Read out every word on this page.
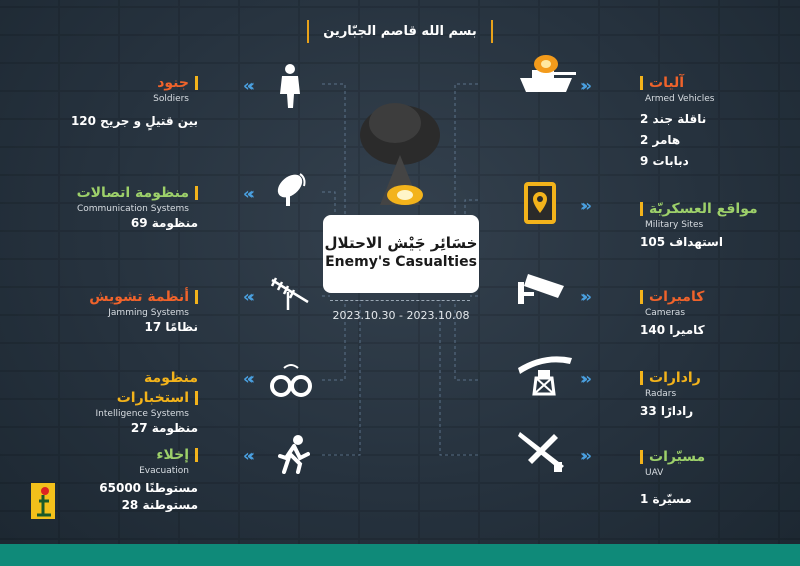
بسم الله قاصم الجبّارين
خسَائِر جَيْش الاحتلال
Enemy's Casualties
2023.10.30 - 2023.10.08
جنود
Soldiers
120 بين قتيلٍ و جريح
«‹
منظومة اتصالات
Communication Systems
69 منظومة
«‹
أنظمة تشويش
Jamming Systems
17 نظامًا
«‹
منظومة استخبارات
Intelligence Systems
27 منظومة
«‹
إخلاء
Evacuation
65000 مستوطنًا
28 مستوطنة
«‹
آليات
Armed Vehicles
2 ناقلة جند
2 هامر
9 دبابات
›»
مواقع العسكريّة
Military Sites
105 استهداف
›»
كاميرات
Cameras
140 كاميرا
›»
رادارات
Radars
33 رادارًا
›»
مسيّرات
UAV
1 مسيّرة
›»
